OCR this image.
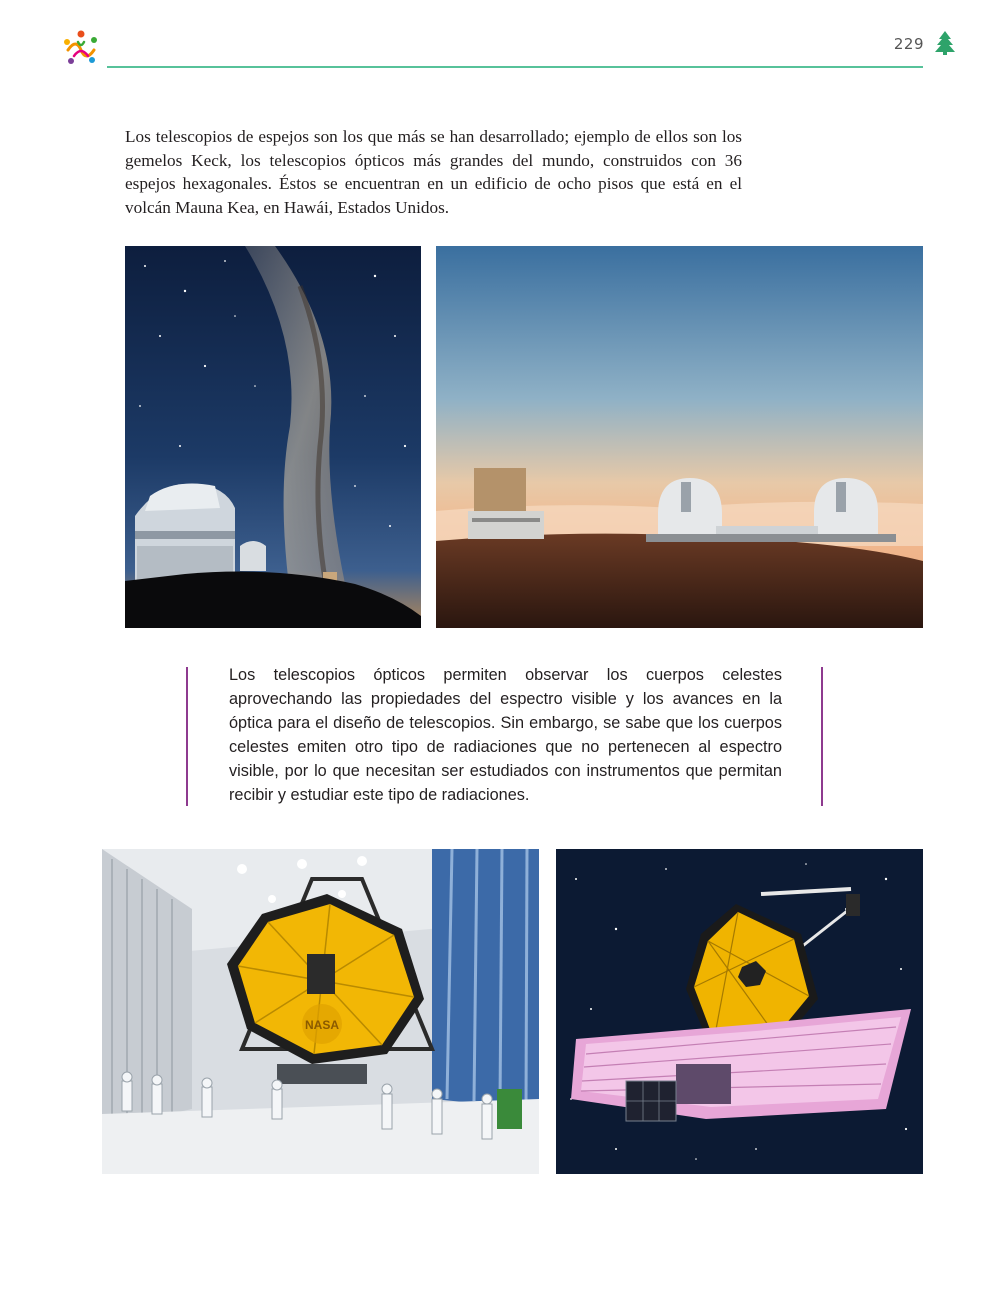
229
Los telescopios de espejos son los que más se han desarrollado; ejemplo de ellos son los gemelos Keck, los telescopios ópticos más grandes del mundo, construidos con 36 espejos hexagonales. Éstos se encuentran en un edificio de ocho pisos que está en el volcán Mauna Kea, en Hawái, Estados Unidos.
Los telescopios ópticos permiten observar los cuerpos celestes aprovechando las propiedades del espectro visible y los avances en la óptica para el diseño de telescopios. Sin embargo, se sabe que los cuerpos celestes emiten otro tipo de radiaciones que no pertenecen al espectro visible, por lo que necesitan ser estudiados con instrumentos que permitan recibir y estudiar este tipo de radiaciones.
NASA
